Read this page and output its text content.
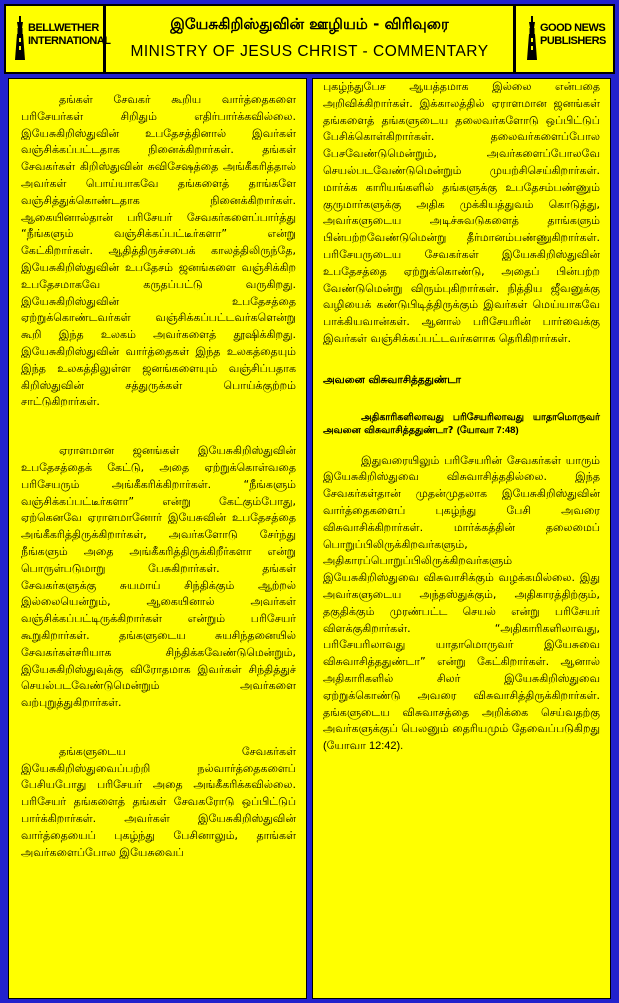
BELLWETHER
INTERNATIONAL
இயேசுகிறிஸ்துவின் ஊழியம் - விரிவுரை
MINISTRY OF JESUS CHRIST - COMMENTARY
GOOD NEWS
PUBLISHERS

தங்கள் சேவகர் கூறிய வார்த்தைகளை பரிசேயர்கள் சிறிதும் எதிர்பார்க்கவில்லை. இயேசுகிறிஸ்துவின் உபதேசத்தினால் இவர்கள் வஞ்சிக்கப்பட்டதாக நினைக்கிறார்கள். தங்கள் சேவகர்கள் கிறிஸ்துவின் சுவிசேஷத்தை அங்கீகரித்தால் அவர்கள் பொய்யாகவே தங்களைத் தாங்களே வஞ்சித்துக்கொண்டதாக நினைக்கிறார்கள். ஆகையினால்தான் பரிசேயர் சேவகர்களைப்பார்த்து “நீங்களும் வஞ்சிக்கப்பட்டீர்களா” என்று கேட்கிறார்கள். ஆதித்திருச்சபைக் காலத்திலிருந்தே, இயேசுகிறிஸ்துவின் உபதேசம் ஜனங்களை வஞ்சிக்கிற உபதேசமாகவே கருதப்பட்டு வருகிறது. இயேசுகிறிஸ்துவின் உபதேசத்தை ஏற்றுக்கொண்டவர்கள் வஞ்சிக்கப்பட்டவர்களென்று கூறி இந்த உலகம் அவர்களைத் தூஷிக்கிறது. இயேசுகிறிஸ்துவின் வார்த்தைகள் இந்த உலகத்தையும் இந்த உலகத்திலுள்ள ஜனங்களையும் வஞ்சிப்பதாக கிறிஸ்துவின் சத்துருக்கள் பொய்க்குற்றம் சாட்டுகிறார்கள்.

ஏராளமான ஜனங்கள் இயேசுகிறிஸ்துவின் உபதேசத்தைக் கேட்டு, அதை ஏற்றுக்கொள்வதை பரிசேயரும் அங்கீகரிக்கிறார்கள். “நீங்களும் வஞ்சிக்கப்பட்டீர்களா” என்று கேட்கும்போது, ஏற்கெனவே ஏராளமானோர் இயேசுவின் உபதேசத்தை அங்கீகரித்திருக்கிறார்கள், அவர்களோடு சேர்ந்து நீங்களும் அதை அங்கீகரித்திருக்கிறீர்களா என்று பொருள்படுமாறு பேசுகிறார்கள். தங்கள் சேவகர்களுக்கு சுயமாய் சிந்திக்கும் ஆற்றல் இல்லையென்றும், ஆகையினால் அவர்கள் வஞ்சிக்கப்பட்டிருக்கிறார்கள் என்றும் பரிசேயர் கூறுகிறார்கள். தங்களுடைய சுயசிந்தனையில் சேவகர்கள்சரியாக சிந்திக்கவேண்டுமென்றும், இயேசுகிறிஸ்துவுக்கு விரோதமாக இவர்கள் சிந்தித்துச் செயல்படவேண்டுமென்றும் அவர்களை வற்புறுத்துகிறார்கள்.

தங்களுடைய சேவகர்கள் இயேசுகிறிஸ்துவைப்பற்றி நல்வார்த்தைகளைப் பேசியபோது பரிசேயர் அதை அங்கீகரிக்கவில்லை. பரிசேயர் தங்களைத் தங்கள் சேவகரோடு ஒப்பிட்டுப் பார்க்கிறார்கள். அவர்கள் இயேசுகிறிஸ்துவின் வார்த்தையைப் புகழ்ந்து பேசினாலும், தாங்கள் அவர்களைப்போல இயேசுவைப்

புகழ்ந்துபேச ஆயத்தமாக இல்லை என்பதை அறிவிக்கிறார்கள். இக்காலத்தில் ஏராளமான ஜனங்கள் தங்களைத் தங்களுடைய தலைவர்களோடு ஒப்பிட்டுப் பேசிக்கொள்கிறார்கள். தலைவர்களைப்போல பேசவேண்டுமென்றும், அவர்களைப்போலவே செயல்படவேண்டுமென்றும் முயற்சிசெய்கிறார்கள். மார்க்க காரியங்களில் தங்களுக்கு உபதேசம்பண்ணும் குருமார்களுக்கு அதிக முக்கியத்துவம் கொடுத்து, அவர்களுடைய அடிச்சுவடுகளைத் தாங்களும் பின்பற்றவேண்டுமென்று தீர்மானம்பண்ணுகிறார்கள். பரிசேயருடைய சேவகர்கள் இயேசுகிறிஸ்துவின் உபதேசத்தை ஏற்றுக்கொண்டு, அதைப் பின்பற்ற வேண்டுமென்று விரும்புகிறார்கள். நித்திய ஜீவனுக்கு வழியைக் கண்டுபிடித்திருக்கும் இவர்கள் மெய்யாகவே பாக்கியவான்கள். ஆனால் பரிசேயரின் பார்வைக்கு இவர்கள் வஞ்சிக்கப்பட்டவர்களாக தெரிகிறார்கள்.

அவனை விசுவாசித்ததுண்டா

அதிகாரிகளிலாவது பரிசேயரிலாவது யாதாமொருவர் அவனை விசுவாசித்ததுண்டா? (யோவா 7:48)

இதுவரையிலும் பரிசேயரின் சேவகர்கள் யாரும் இயேசுகிறிஸ்துவை விசுவாசித்ததில்லை. இந்த சேவகர்கள்தான் முதன்முதலாக இயேசுகிறிஸ்துவின் வார்த்தைகளைப் புகழ்ந்து பேசி அவரை விசுவாசிக்கிறார்கள். மார்க்கத்தின் தலைமைப் பொறுப்பிலிருக்கிறவர்களும், அதிகாரப்பொறுப்பிலிருக்கிறவர்களும் இயேசுகிறிஸ்துவை விசுவாசிக்கும் வழக்கமில்லை. இது அவர்களுடைய அந்தஸ்துக்கும், அதிகாரத்திற்கும், தகுதிக்கும் முரண்பட்ட செயல் என்று பரிசேயர் விளக்குகிறார்கள். “அதிகாரிகளிலாவது, பரிசேயரிலாவது யாதாமொருவர் இயேசுவை விசுவாசித்ததுண்டா” என்று கேட்கிறார்கள். ஆனால் அதிகாரிகளில் சிலர் இயேசுகிறிஸ்துவை ஏற்றுக்கொண்டு அவரை விசுவாசித்திருக்கிறார்கள். தங்களுடைய விசுவாசத்தை அறிக்கை செய்வதற்கு அவர்களுக்குப் பெலனும் தைரியமும் தேவைப்படுகிறது (யோவா 12:42).
